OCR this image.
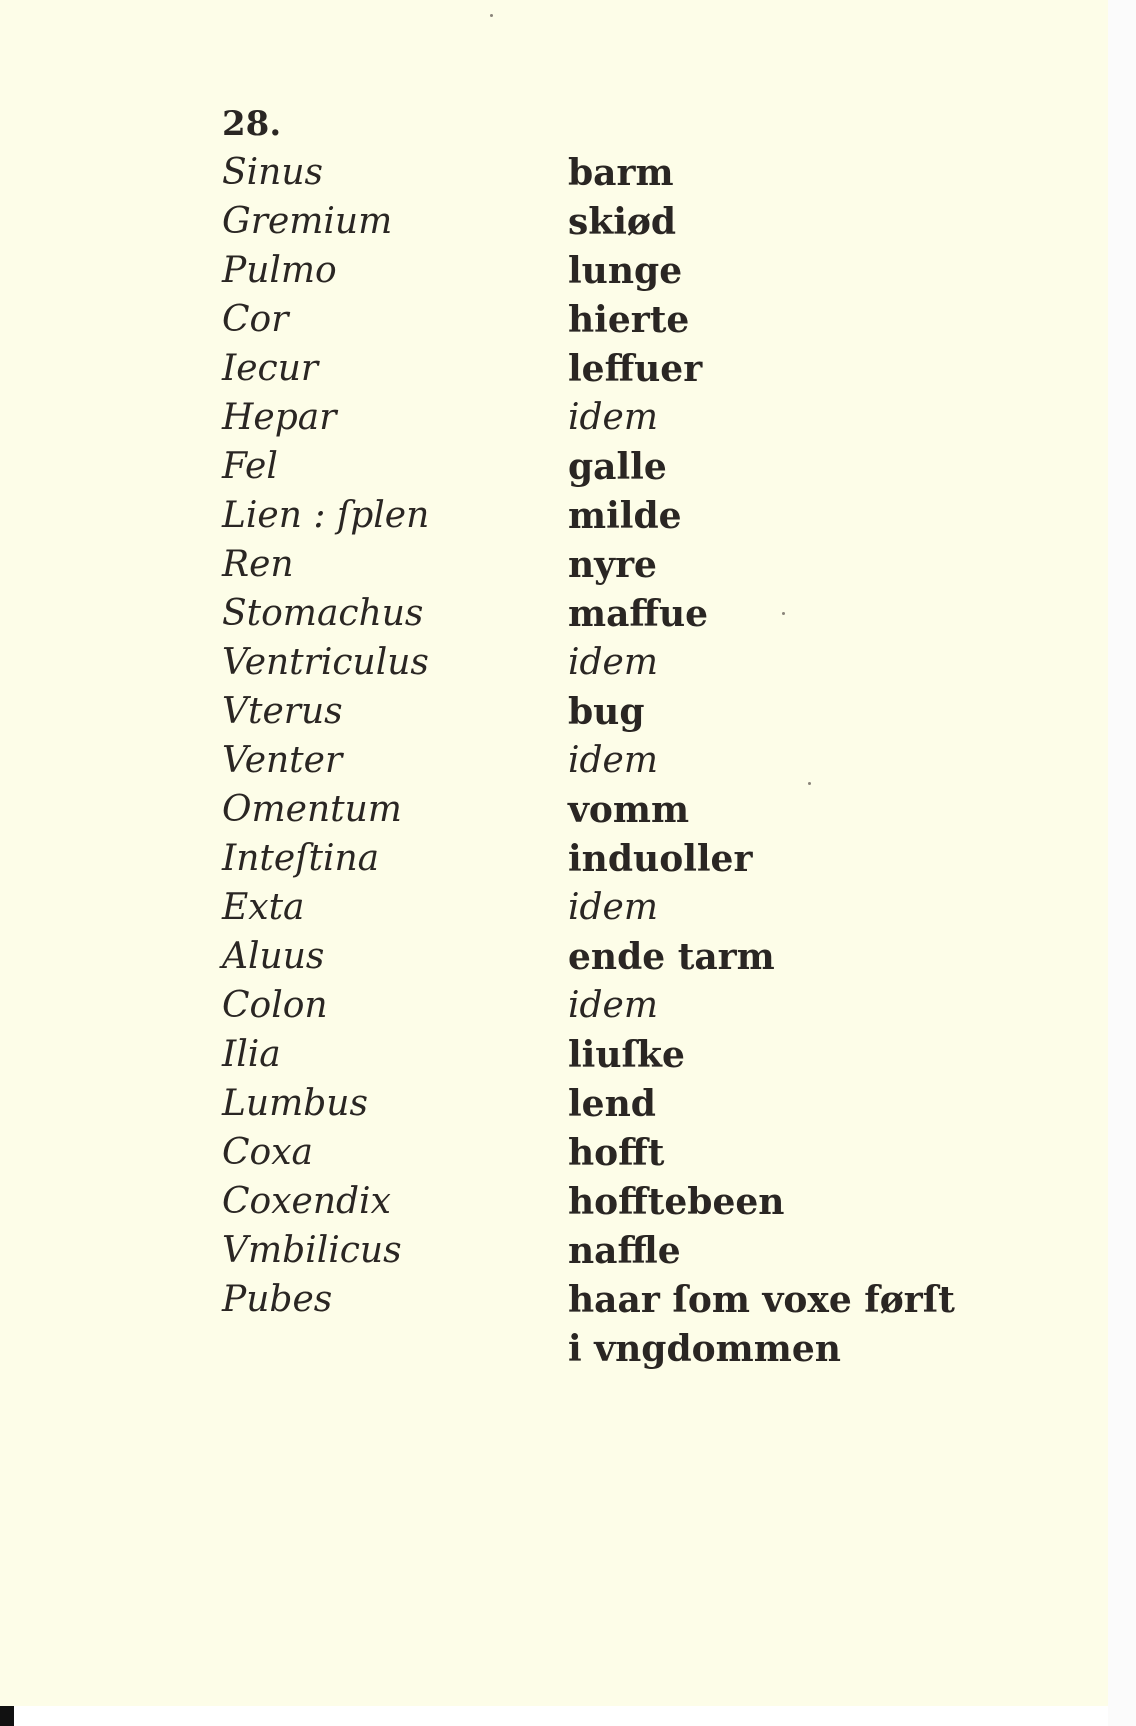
28.
Sinus	barm
Gremium	skiød
Pulmo	lunge
Cor	hierte
Iecur	leffuer
Hepar	idem
Fel	galle
Lien : ſplen	milde
Ren	nyre
Stomachus	maffue
Ventriculus	idem
Vterus	bug
Venter	idem
Omentum	vomm
Inteſtina	induoller
Exta	idem
Aluus	ende tarm
Colon	idem
Ilia	liuſke
Lumbus	lend
Coxa	hofft
Coxendix	hofftebeen
Vmbilicus	naffle
Pubes	haar ſom voxe førſt
i vngdommen
